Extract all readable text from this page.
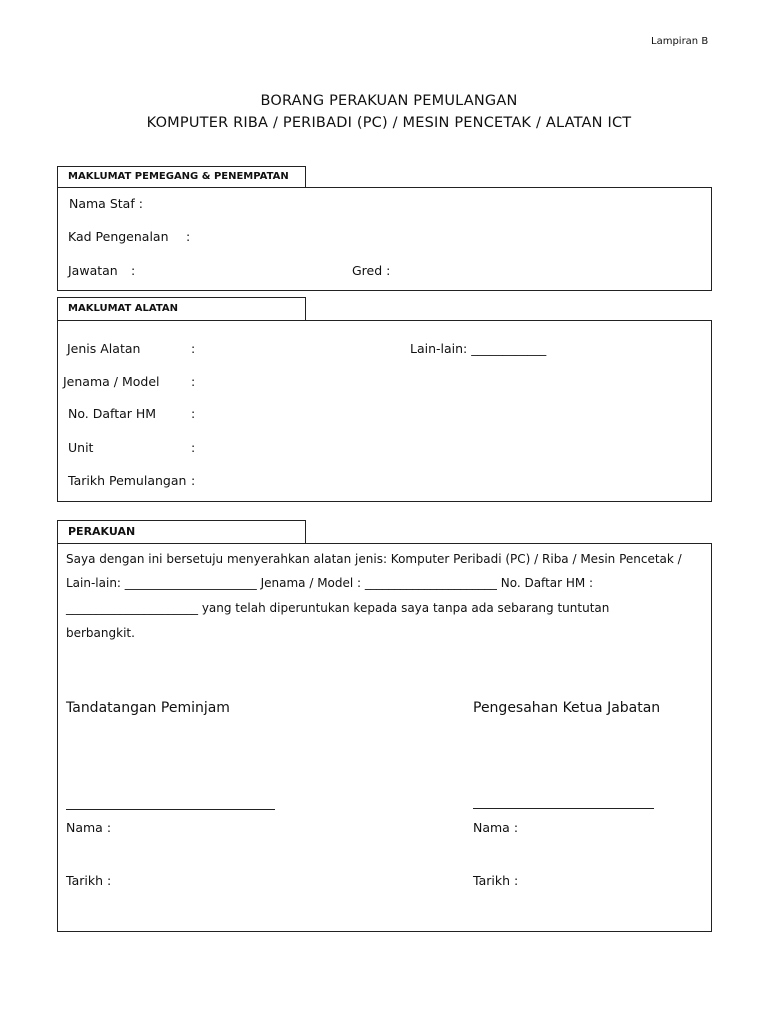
Lampiran B
BORANG PERAKUAN PEMULANGAN
KOMPUTER RIBA / PERIBADI (PC) / MESIN PENCETAK / ALATAN ICT
MAKLUMAT PEMEGANG & PENEMPATAN
Nama Staf :
Kad Pengenalan :
Jawatan :	Gred :
MAKLUMAT ALATAN
Jenis Alatan	:	Lain-lain: ____________
Jenama / Model	:
No. Daftar HM	:
Unit	:
Tarikh Pemulangan :
PERAKUAN
Saya dengan ini bersetuju menyerahkan alatan jenis: Komputer Peribadi (PC) / Riba / Mesin Pencetak /
Lain-lain: ______________________ Jenama / Model : ______________________ No. Daftar HM :
______________________ yang telah diperuntukan kepada saya tanpa ada sebarang tuntutan
berbangkit.
Tandatangan Peminjam	Pengesahan Ketua Jabatan
Nama :	Nama :
Tarikh :	Tarikh :
